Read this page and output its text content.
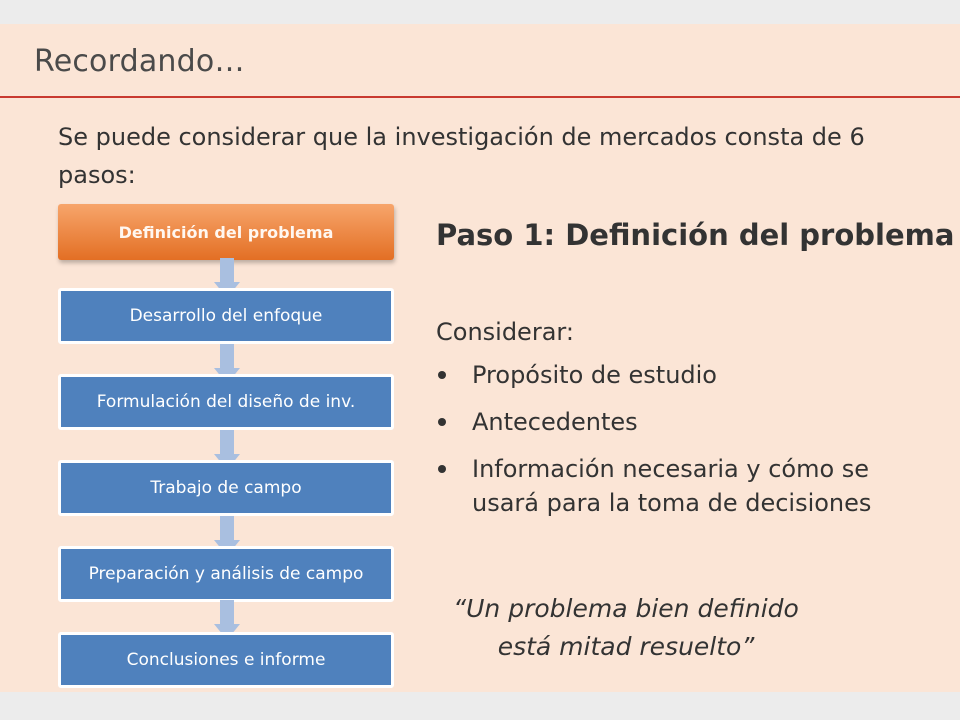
Recordando…

Se puede considerar que la investigación de mercados consta de 6 pasos:

Definición del problema
Desarrollo del enfoque
Formulación del diseño de inv.
Trabajo de campo
Preparación y análisis de campo
Conclusiones e informe
Paso 1: Definición del problema

Considerar:

Propósito de estudio
Antecedentes
Información necesaria y cómo se usará para la toma de decisiones

“Un problema bien definido está mitad resuelto”
